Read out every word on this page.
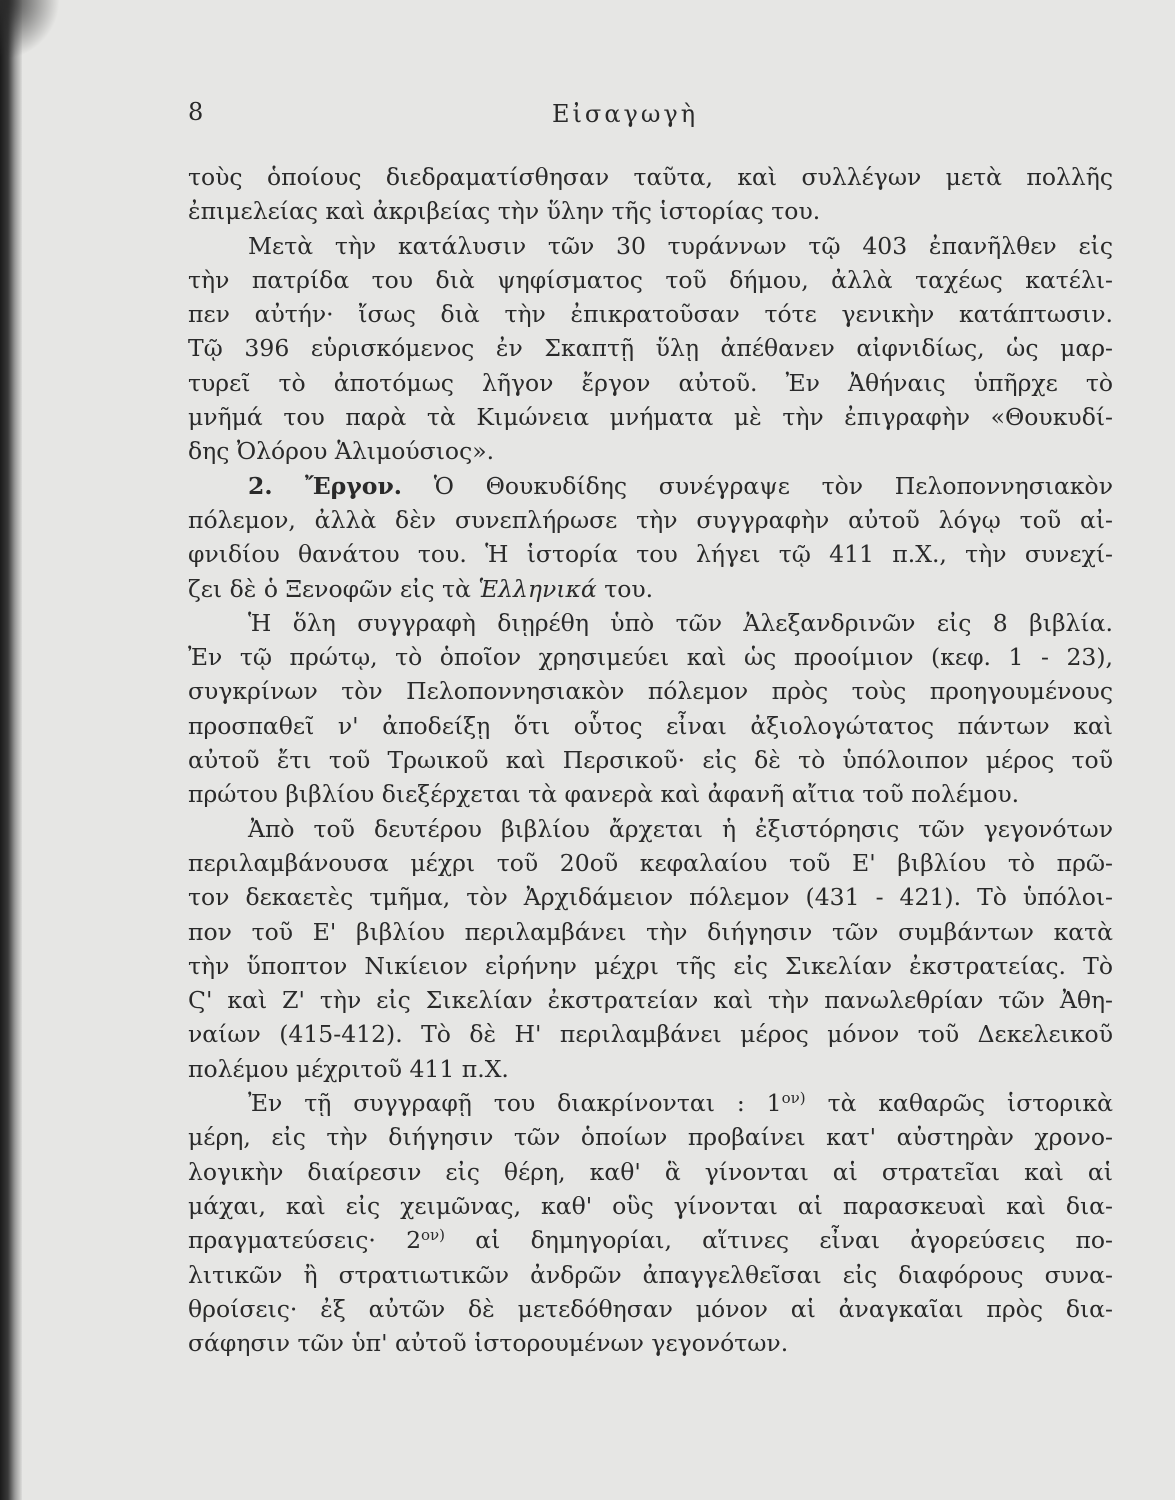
8	Εἰσαγωγὴ
τοὺς ὁποίους διεδραματίσθησαν ταῦτα, καὶ συλλέγων μετὰ πολλῆς
ἐπιμελείας καὶ ἀκριβείας τὴν ὕλην τῆς ἱστορίας του.
Μετὰ τὴν κατάλυσιν τῶν 30 τυράννων τῷ 403 ἐπανῆλθεν εἰς
τὴν πατρίδα του διὰ ψηφίσματος τοῦ δήμου, ἀλλὰ ταχέως κατέλι-
πεν αὐτήν· ἴσως διὰ τὴν ἐπικρατοῦσαν τότε γενικὴν κατάπτωσιν.
Τῷ 396 εὑρισκόμενος ἐν Σκαπτῇ ὕλῃ ἀπέθανεν αἰφνιδίως, ὡς μαρ-
τυρεῖ τὸ ἀποτόμως λῆγον ἔργον αὐτοῦ. Ἐν Ἀθήναις ὑπῆρχε τὸ
μνῆμά του παρὰ τὰ Κιμώνεια μνήματα μὲ τὴν ἐπιγραφὴν «Θουκυδί-
δης Ὀλόρου Ἁλιμούσιος».
2. Ἔργον. Ὁ Θουκυδίδης συνέγραψε τὸν Πελοποννησιακὸν
πόλεμον, ἀλλὰ δὲν συνεπλήρωσε τὴν συγγραφὴν αὐτοῦ λόγῳ τοῦ αἰ-
φνιδίου θανάτου του. Ἡ ἱστορία του λήγει τῷ 411 π.Χ., τὴν συνεχί-
ζει δὲ ὁ Ξενοφῶν εἰς τὰ Ἑλληνικά του.
Ἡ ὅλη συγγραφὴ διῃρέθη ὑπὸ τῶν Ἀλεξανδρινῶν εἰς 8 βιβλία.
Ἐν τῷ πρώτῳ, τὸ ὁποῖον χρησιμεύει καὶ ὡς προοίμιον (κεφ. 1 - 23),
συγκρίνων τὸν Πελοποννησιακὸν πόλεμον πρὸς τοὺς προηγουμένους
προσπαθεῖ ν' ἀποδείξῃ ὅτι οὗτος εἶναι ἀξιολογώτατος πάντων καὶ
αὐτοῦ ἔτι τοῦ Τρωικοῦ καὶ Περσικοῦ· εἰς δὲ τὸ ὑπόλοιπον μέρος τοῦ
πρώτου βιβλίου διεξέρχεται τὰ φανερὰ καὶ ἀφανῆ αἴτια τοῦ πολέμου.
Ἀπὸ τοῦ δευτέρου βιβλίου ἄρχεται ἡ ἐξιστόρησις τῶν γεγονότων
περιλαμβάνουσα μέχρι τοῦ 20οῦ κεφαλαίου τοῦ Ε' βιβλίου τὸ πρῶ-
τον δεκαετὲς τμῆμα, τὸν Ἀρχιδάμειον πόλεμον (431 - 421). Τὸ ὑπόλοι-
πον τοῦ Ε' βιβλίου περιλαμβάνει τὴν διήγησιν τῶν συμβάντων κατὰ
τὴν ὕποπτον Νικίειον εἰρήνην μέχρι τῆς εἰς Σικελίαν ἐκστρατείας. Τὸ
Ϛ' καὶ Ζ' τὴν εἰς Σικελίαν ἐκστρατείαν καὶ τὴν πανωλεθρίαν τῶν Ἀθη-
ναίων (415-412). Τὸ δὲ Η' περιλαμβάνει μέρος μόνον τοῦ Δεκελεικοῦ
πολέμου μέχριτοῦ 411 π.Χ.
Ἐν τῇ συγγραφῇ του διακρίνονται : $1^{o\nu)}$ τὰ καθαρῶς ἱστορικὰ
μέρη, εἰς τὴν διήγησιν τῶν ὁποίων προβαίνει κατ' αὐστηρὰν χρονο-
λογικὴν διαίρεσιν εἰς θέρη, καθ' ἃ γίνονται αἱ στρατεῖαι καὶ αἱ
μάχαι, καὶ εἰς χειμῶνας, καθ' οὓς γίνονται αἱ παρασκευαὶ καὶ δια-
$\pi\rho\alpha\gamma\mu\alpha\tau\varepsilon ύ\sigma\varepsilon\iota\varsigma\cdot 2^{o\nu)}$ αἱ δημηγορίαι, αἵτινες εἶναι ἀγορεύσεις πο-
λιτικῶν ἢ στρατιωτικῶν ἀνδρῶν ἀπαγγελθεῖσαι εἰς διαφόρους συνα-
θροίσεις· ἐξ αὐτῶν δὲ μετεδόθησαν μόνον αἱ ἀναγκαῖαι πρὸς δια-
σάφησιν τῶν ὑπ' αὐτοῦ ἱστορουμένων γεγονότων.
